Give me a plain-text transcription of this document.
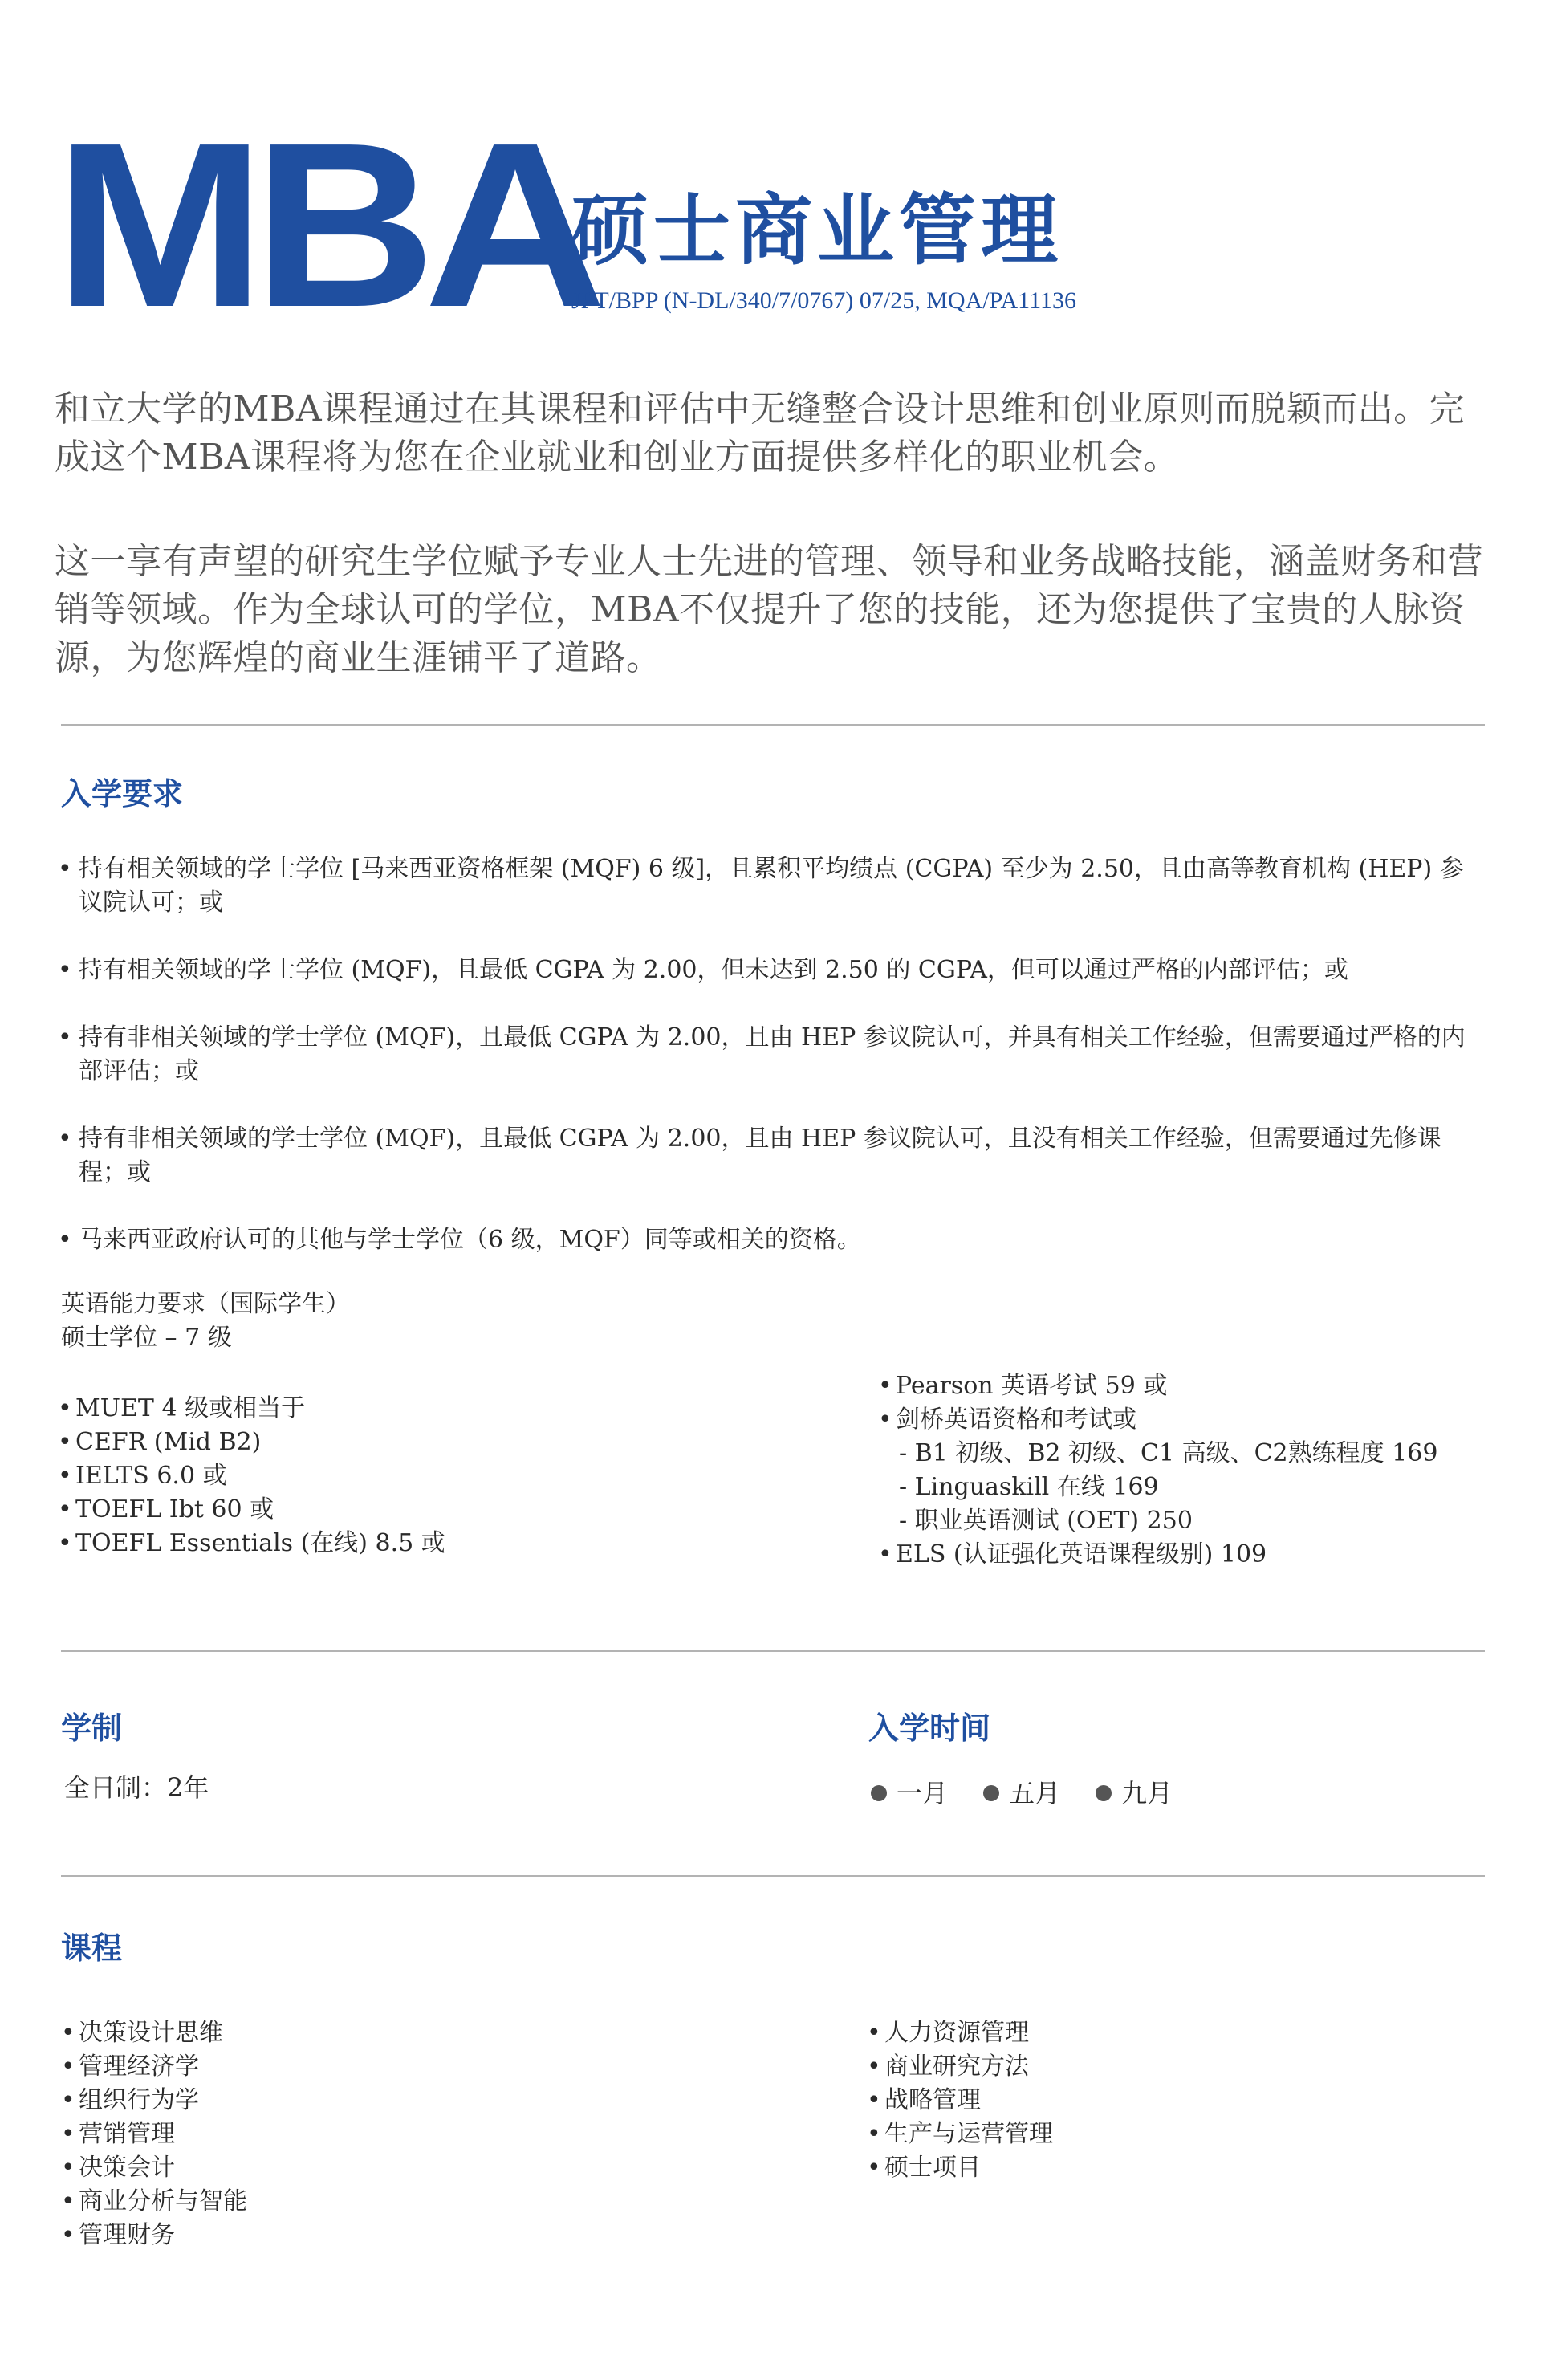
MBA
硕士商业管理
JPT/BPP (N-DL/340/7/0767) 07/25, MQA/PA11136
和立大学的MBA课程通过在其课程和评估中无缝整合设计思维和创业原则而脱颖而出。完成这个MBA课程将为您在企业就业和创业方面提供多样化的职业机会。
这一享有声望的研究生学位赋予专业人士先进的管理、领导和业务战略技能，涵盖财务和营销等领域。作为全球认可的学位，MBA不仅提升了您的技能，还为您提供了宝贵的人脉资源，为您辉煌的商业生涯铺平了道路。
入学要求
• 持有相关领域的学士学位 [马来西亚资格框架 (MQF) 6 级]，且累积平均绩点 (CGPA) 至少为 2.50，且由高等教育机构 (HEP) 参议院认可；或
• 持有相关领域的学士学位 (MQF)，且最低 CGPA 为 2.00，但未达到 2.50 的 CGPA，但可以通过严格的内部评估；或
• 持有非相关领域的学士学位 (MQF)，且最低 CGPA 为 2.00，且由 HEP 参议院认可，并具有相关工作经验，但需要通过严格的内部评估；或
• 持有非相关领域的学士学位 (MQF)，且最低 CGPA 为 2.00，且由 HEP 参议院认可，且没有相关工作经验，但需要通过先修课程；或
• 马来西亚政府认可的其他与学士学位（6 级，MQF）同等或相关的资格。
英语能力要求（国际学生）
硕士学位 – 7 级
• MUET 4 级或相当于
• CEFR (Mid B2)
• IELTS 6.0 或
• TOEFL Ibt 60 或
• TOEFL Essentials (在线) 8.5 或
• Pearson 英语考试 59 或
• 剑桥英语资格和考试或
- B1 初级、B2 初级、C1 高级、C2熟练程度 169
- Linguaskill 在线 169
- 职业英语测试 (OET) 250
• ELS (认证强化英语课程级别) 109
学制
全日制：2年
入学时间
一月 五月 九月
课程
• 决策设计思维
• 管理经济学
• 组织行为学
• 营销管理
• 决策会计
• 商业分析与智能
• 管理财务
• 人力资源管理
• 商业研究方法
• 战略管理
• 生产与运营管理
• 硕士项目
